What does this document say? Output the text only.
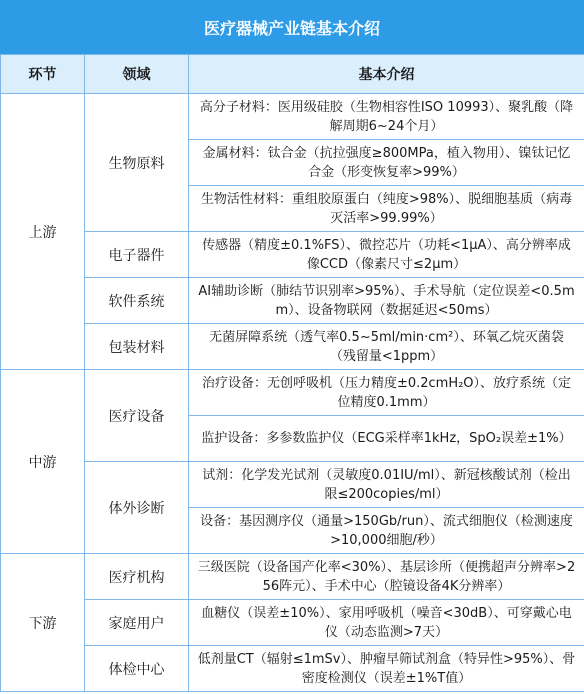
医疗器械产业链基本介绍
环节	领域	基本介绍
上游	生物原料	高分子材料：医用级硅胶（生物相容性ISO 10993）、聚乳酸（降解周期6~24个月）
		金属材料：钛合金（抗拉强度≥800MPa，植入物用）、镍钛记忆合金（形变恢复率>99%）
		生物活性材料：重组胶原蛋白（纯度>98%）、脱细胞基质（病毒灭活率>99.99%）
	电子器件	传感器（精度±0.1%FS）、微控芯片（功耗<1μA）、高分辨率成像CCD（像素尺寸≤2μm）
	软件系统	AI辅助诊断（肺结节识别率>95%）、手术导航（定位误差<0.5mm）、设备物联网（数据延迟<50ms）
	包装材料	无菌屏障系统（透气率0.5~5ml/min·cm²）、环氧乙烷灭菌袋（残留量<1ppm）
中游	医疗设备	治疗设备：无创呼吸机（压力精度±0.2cmH₂O）、放疗系统（定位精度0.1mm）
		监护设备：多参数监护仪（ECG采样率1kHz，SpO₂误差±1%）
	体外诊断	试剂：化学发光试剂（灵敏度0.01IU/ml）、新冠核酸试剂（检出限≤200copies/ml）
		设备：基因测序仪（通量>150Gb/run）、流式细胞仪（检测速度>10,000细胞/秒）
下游	医疗机构	三级医院（设备国产化率<30%）、基层诊所（便携超声分辨率>256阵元）、手术中心（腔镜设备4K分辨率）
	家庭用户	血糖仪（误差±10%）、家用呼吸机（噪音<30dB）、可穿戴心电仪（动态监测>7天）
	体检中心	低剂量CT（辐射≤1mSv）、肿瘤早筛试剂盒（特异性>95%）、骨密度检测仪（误差±1%T值）
